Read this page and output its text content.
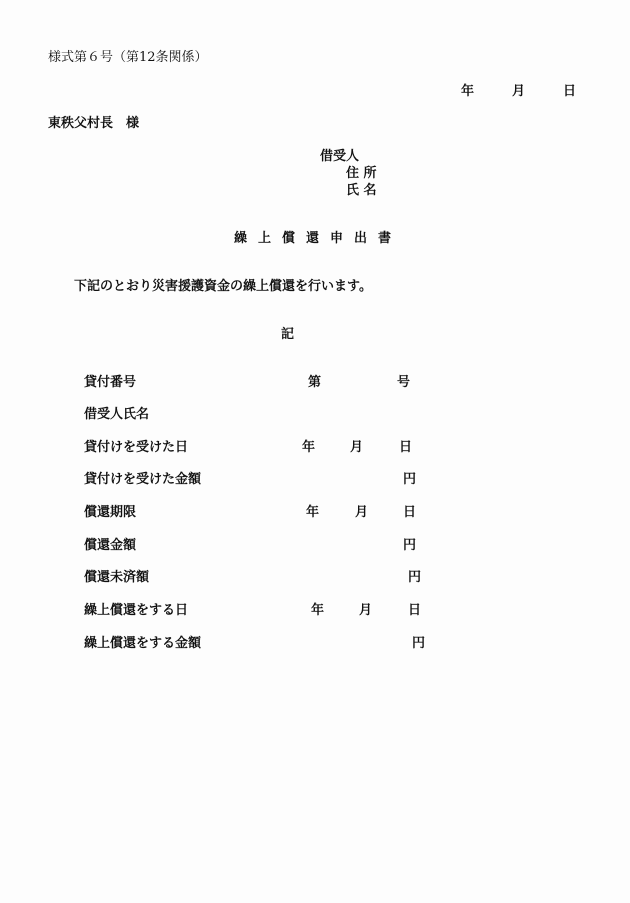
様式第６号（第12条関係）
年	月	日
東秩父村長　様
借受人
住 所
氏 名
繰上償還申出書
下記のとおり災害援護資金の繰上償還を行います。
記
貸付番号	第	号
借受人氏名
貸付けを受けた日	年	月	日
貸付けを受けた金額	円
償還期限	年	月	日
償還金額	円
償還未済額	円
繰上償還をする日	年	月	日
繰上償還をする金額	円
